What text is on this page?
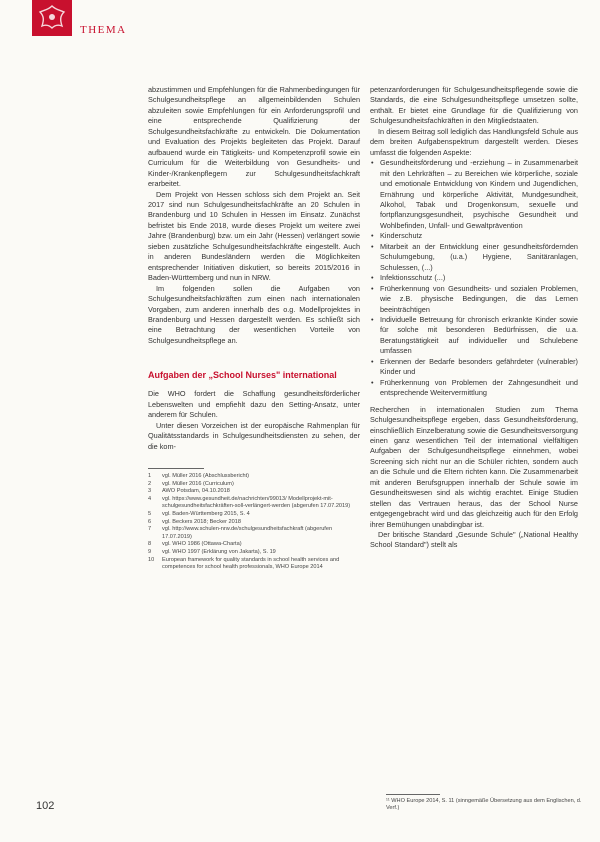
THEMA

abzustimmen und Empfehlungen für die Rahmenbedingungen für Schulgesundheitspflege an allgemeinbildenden Schulen abzuleiten sowie Empfehlungen für ein Anforderungsprofil und eine entsprechende Qualifizierung der Schulgesundheitsfachkräfte zu entwickeln. Die Dokumentation und Evaluation des Projekts begleiteten das Projekt. Darauf aufbauend wurde ein Tätigkeits- und Kompetenzprofil sowie ein Curriculum für die Weiterbildung von Gesundheits- und Kinder-/Krankenpflegern zur Schulgesundheitsfachkraft erarbeitet.

Dem Projekt von Hessen schloss sich dem Projekt an. Seit 2017 sind nun Schulgesundheitsfachkräfte an 20 Schulen in Brandenburg und 10 Schulen in Hessen im Einsatz. Zunächst befristet bis Ende 2018, wurde dieses Projekt um weitere zwei Jahre (Brandenburg) bzw. um ein Jahr (Hessen) verlängert sowie sieben zusätzliche Schulgesundheitsfachkräfte eingestellt. Auch in anderen Bundesländern werden die Möglichkeiten entsprechender Initiativen diskutiert, so bereits 2015/2016 in Baden-Württemberg und nun in NRW.

Im folgenden sollen die Aufgaben von Schulgesundheitsfachkräften zum einen nach internationalen Vorgaben, zum anderen innerhalb des o.g. Modellprojektes in Brandenburg und Hessen dargestellt werden. Es schließt sich eine Betrachtung der wesentlichen Vorteile von Schulgesundheitspflege an.

Aufgaben der „School Nurses" international

Die WHO fordert die Schaffung gesundheitsförderlicher Lebenswelten und empfiehlt dazu den Setting-Ansatz, unter anderem für Schulen.

Unter diesen Vorzeichen ist der europäische Rahmenplan für Qualitätsstandards in Schulgesundheitsdiensten zu sehen, der die kom-

1 vgl. Müller 2016 (Abschlussbericht)
2 vgl. Müller 2016 (Curriculum)
3 AWO Potsdam, 04.10.2018
4 vgl. https://www.gesundheit.de/nachrichten/99013/ Modellprojekt-mit-schulgesundheitsfachkräften-soll-verlängert-werden (abgerufen 17.07.2019)
5 vgl. Baden-Württemberg 2015, S. 4
6 vgl. Beckers 2018; Becker 2018
7 vgl. http://www.schulen-nrw.de/schulgesundheitsfachkraft (abgerufen 17.07.2019)
8 vgl. WHO 1986 (Ottawa-Charta)
9 vgl. WHO 1997 (Erklärung von Jakarta), S. 19
10 European framework for quality standards in school health services and competences for school health professionals, WHO Europe 2014

petenzanforderungen für Schulgesundheitspflegende sowie die Standards, die eine Schulgesundheitspflege umsetzen sollte, enthält. Er bietet eine Grundlage für die Qualifizierung von Schulgesundheitsfachkräften in den Mitgliedstaaten.

In diesem Beitrag soll lediglich das Handlungsfeld Schule aus dem breiten Aufgabenspektrum dargestellt werden. Dieses umfasst die folgenden Aspekte:

• Gesundheitsförderung und -erziehung – in Zusammenarbeit mit den Lehrkräften – zu Bereichen wie körperliche, soziale und emotionale Entwicklung von Kindern und Jugendlichen, Ernährung und körperliche Aktivität, Mundgesundheit, Alkohol, Tabak und Drogenkonsum, sexuelle und fortpflanzungsgesundheit, psychische Gesundheit und Wohlbefinden, Unfall- und Gewaltprävention
• Kinderschutz
• Mitarbeit an der Entwicklung einer gesundheitsfördernden Schulumgebung, (u.a.) Hygiene, Sanitäranlagen, Schulessen, (...)
• Infektionsschutz (...)
• Früherkennung von Gesundheits- und sozialen Problemen, wie z.B. physische Bedingungen, die das Lernen beeinträchtigen
• Individuelle Betreuung für chronisch erkrankte Kinder sowie für solche mit besonderen Bedürfnissen, die u.a. Beratungstätigkeit auf individueller und Schulebene umfassen
• Erkennen der Bedarfe besonders gefährdeter (vulnerabler) Kinder und
• Früherkennung von Problemen der Zahngesundheit und entsprechende Weitervermittlung

Recherchen in internationalen Studien zum Thema Schulgesundheitspflege ergeben, dass Gesundheitsförderung, einschließlich Einzelberatung sowie die Gesundheitsversorgung einen ganz wesentlichen Teil der international vielfältigen Aufgaben der Schulgesundheitspflege einnehmen, wobei Screening sich nicht nur an die Schüler richten, sondern auch an die Schule und die Eltern richten kann. Die Zusammenarbeit mit anderen Berufsgruppen innerhalb der Schule sowie im Gesundheitswesen sind als wichtig erachtet. Einige Studien stellen das Vertrauen heraus, das der School Nurse entgegengebracht wird und das gleichzeitig auch für den Erfolg ihrer Bemühungen unabdingbar ist.

Der britische Standard „Gesunde Schule" („National Healthy School Standard") stellt als

¹¹ WHO Europe 2014, S. 11 (sinngemäße Übersetzung aus dem Englischen, d. Verf.)
102
